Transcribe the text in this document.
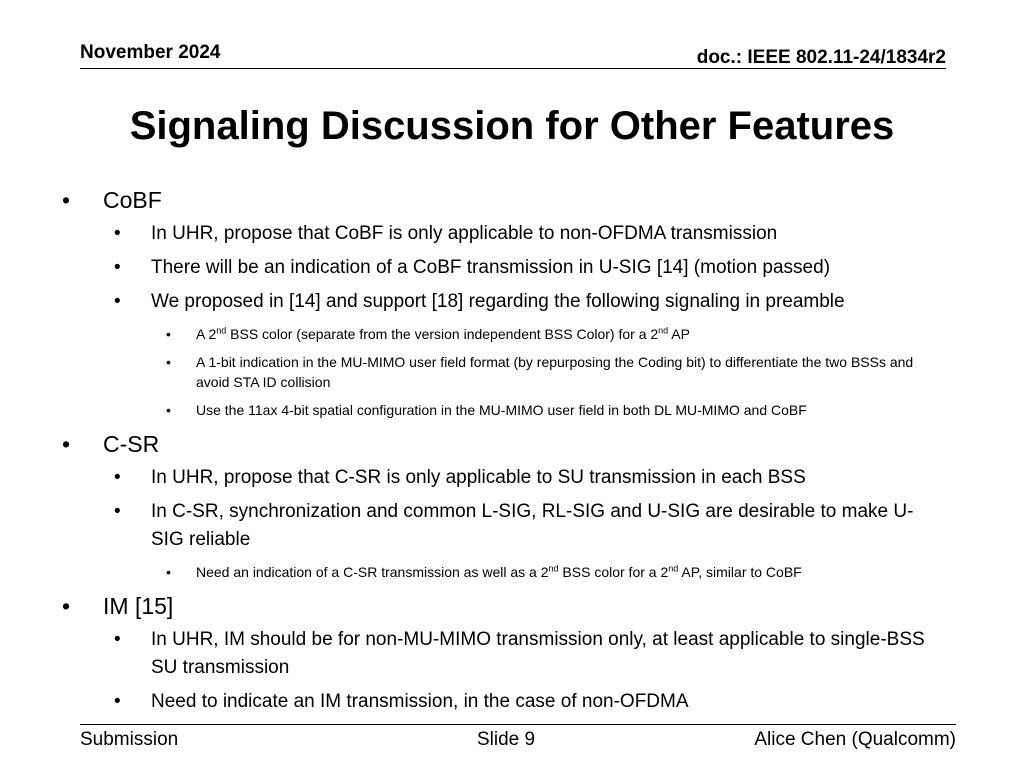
November 2024	doc.: IEEE 802.11-24/1834r2
Signaling Discussion for Other Features
• CoBF
• In UHR, propose that CoBF is only applicable to non-OFDMA transmission
• There will be an indication of a CoBF transmission in U-SIG [14] (motion passed)
• We proposed in [14] and support [18] regarding the following signaling in preamble
• A 2nd BSS color (separate from the version independent BSS Color) for a 2nd AP
• A 1-bit indication in the MU-MIMO user field format (by repurposing the Coding bit) to differentiate the two BSSs and avoid STA ID collision
• Use the 11ax 4-bit spatial configuration in the MU-MIMO user field in both DL MU-MIMO and CoBF
• C-SR
• In UHR, propose that C-SR is only applicable to SU transmission in each BSS
• In C-SR, synchronization and common L-SIG, RL-SIG and U-SIG are desirable to make U-SIG reliable
• Need an indication of a C-SR transmission as well as a 2nd BSS color for a 2nd AP, similar to CoBF
• IM [15]
• In UHR, IM should be for non-MU-MIMO transmission only, at least applicable to single-BSS SU transmission
• Need to indicate an IM transmission, in the case of non-OFDMA
Submission	Slide 9	Alice Chen (Qualcomm)
